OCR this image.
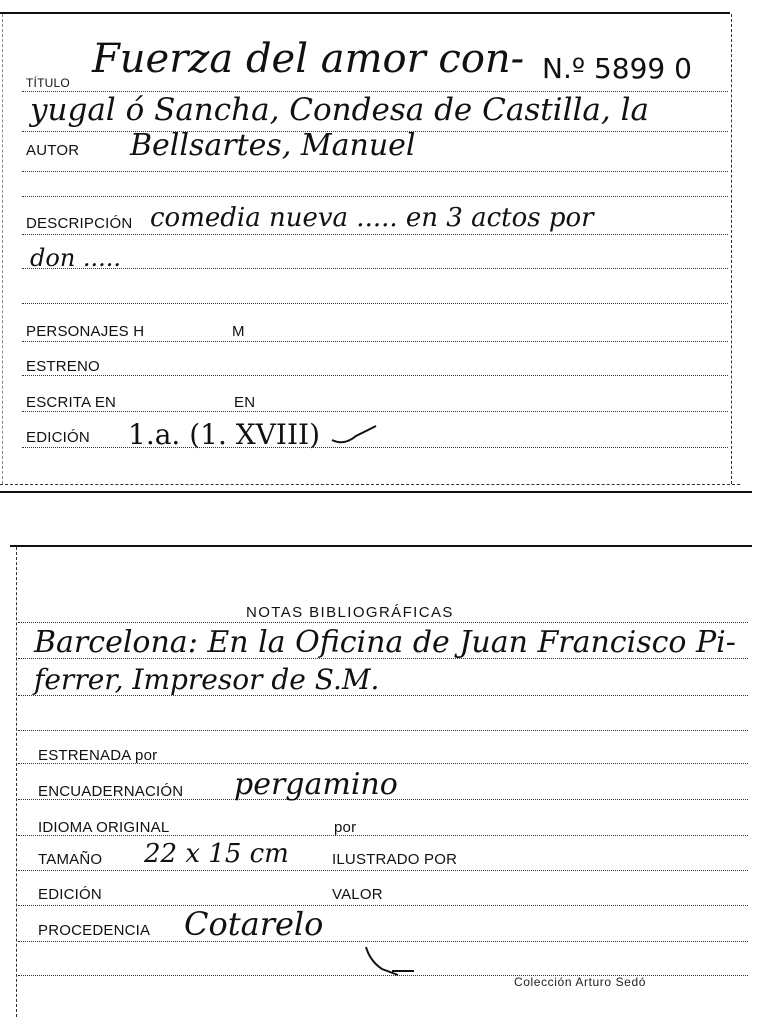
TÍTULO
Fuerza del amor con- N.º 5899 0
yugal ó Sancha, Condesa de Castilla, la
AUTOR Bellsartes, Manuel
DESCRIPCIÓN comedia nueva ..... en 3 actos por
don .....
PERSONAJES H	M
ESTRENO
ESCRITA EN	EN
EDICIÓN 1.a. (1. XVIII)
NOTAS BIBLIOGRÁFICAS
Barcelona: En la Oficina de Juan Francisco Pi-
ferrer, Impresor de S.M.
ESTRENADA por
ENCUADERNACIÓN pergamino
IDIOMA ORIGINAL	por
TAMAÑO 22 x 15 cm	ILUSTRADO POR
EDICIÓN	VALOR
PROCEDENCIA Cotarelo
Colección Arturo Sedó
